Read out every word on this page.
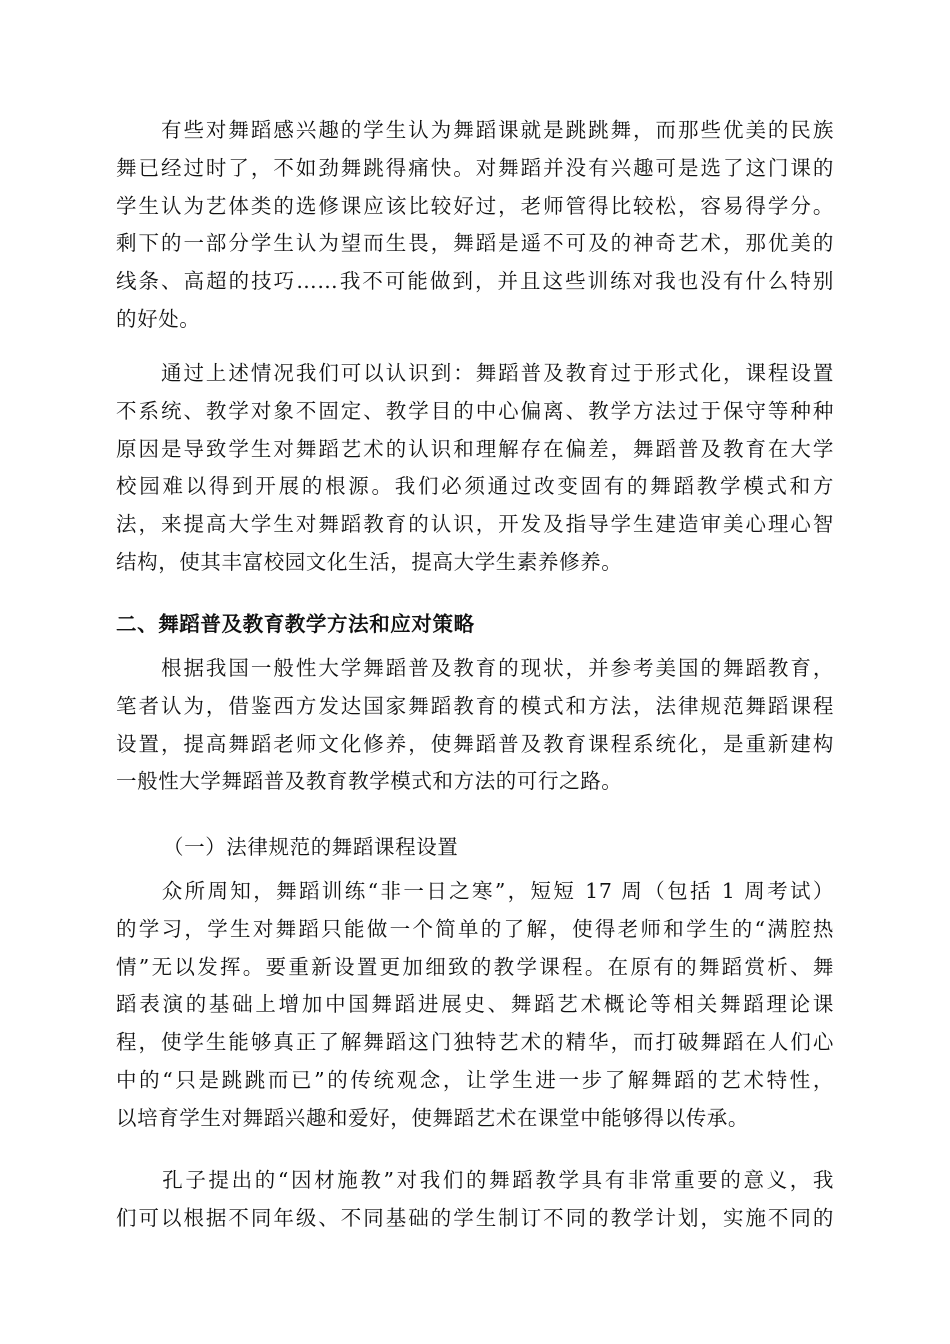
　　有些对舞蹈感兴趣的学生认为舞蹈课就是跳跳舞，而那些优美的民族
舞已经过时了，不如劲舞跳得痛快。对舞蹈并没有兴趣可是选了这门课的
学生认为艺体类的选修课应该比较好过，老师管得比较松，容易得学分。
剩下的一部分学生认为望而生畏，舞蹈是遥不可及的神奇艺术，那优美的
线条、高超的技巧……我不可能做到，并且这些训练对我也没有什么特别
的好处。
　　通过上述情况我们可以认识到：舞蹈普及教育过于形式化，课程设置
不系统、教学对象不固定、教学目的中心偏离、教学方法过于保守等种种
原因是导致学生对舞蹈艺术的认识和理解存在偏差，舞蹈普及教育在大学
校园难以得到开展的根源。我们必须通过改变固有的舞蹈教学模式和方
法，来提高大学生对舞蹈教育的认识，开发及指导学生建造审美心理心智
结构，使其丰富校园文化生活，提高大学生素养修养。
二、舞蹈普及教育教学方法和应对策略
　　根据我国一般性大学舞蹈普及教育的现状，并参考美国的舞蹈教育，
笔者认为，借鉴西方发达国家舞蹈教育的模式和方法，法律规范舞蹈课程
设置，提高舞蹈老师文化修养，使舞蹈普及教育课程系统化，是重新建构
一般性大学舞蹈普及教育教学模式和方法的可行之路。
（一）法律规范的舞蹈课程设置
　　众所周知，舞蹈训练“非一日之寒”，短短 17 周（包括 1 周考试）
的学习，学生对舞蹈只能做一个简单的了解，使得老师和学生的“满腔热
情”无以发挥。要重新设置更加细致的教学课程。在原有的舞蹈赏析、舞
蹈表演的基础上增加中国舞蹈进展史、舞蹈艺术概论等相关舞蹈理论课
程，使学生能够真正了解舞蹈这门独特艺术的精华，而打破舞蹈在人们心
中的“只是跳跳而已”的传统观念，让学生进一步了解舞蹈的艺术特性，
以培育学生对舞蹈兴趣和爱好，使舞蹈艺术在课堂中能够得以传承。
　　孔子提出的“因材施教”对我们的舞蹈教学具有非常重要的意义，我
们可以根据不同年级、不同基础的学生制订不同的教学计划，实施不同的
